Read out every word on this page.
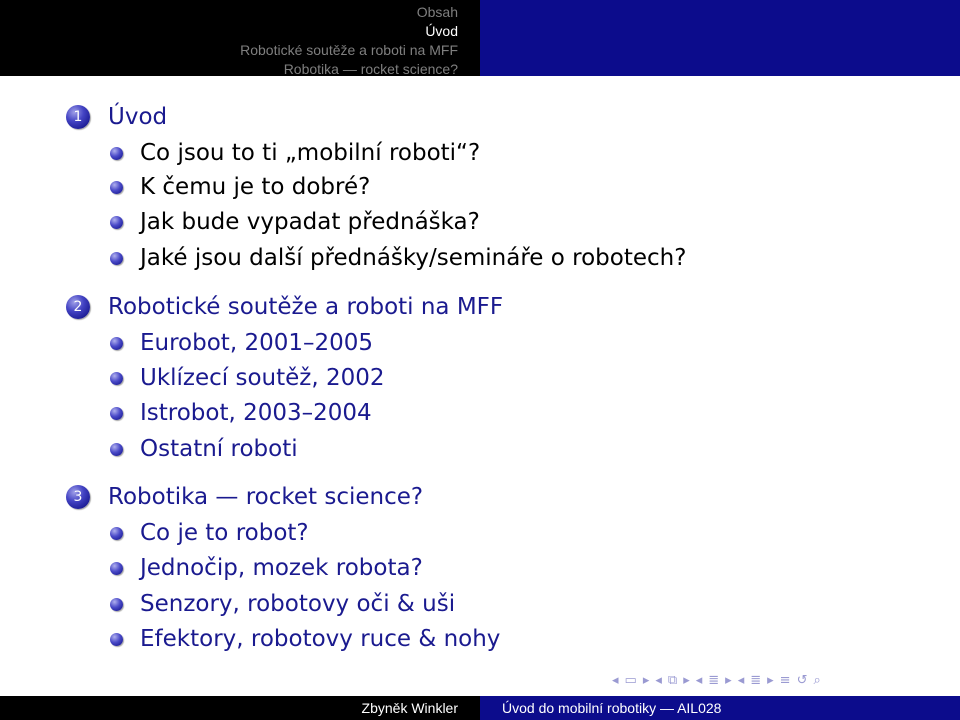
Obsah
Úvod
Robotické soutěže a roboti na MFF
Robotika — rocket science?
1	Úvod
Co jsou to ti „mobilní roboti“?
K čemu je to dobré?
Jak bude vypadat přednáška?
Jaké jsou další přednášky/semináře o robotech?
2	Robotické soutěže a roboti na MFF
Eurobot, 2001–2005
Uklízecí soutěž, 2002
Istrobot, 2003–2004
Ostatní roboti
3	Robotika — rocket science?
Co je to robot?
Jednočip, mozek robota?
Senzory, robotovy oči & uši
Efektory, robotovy ruce & nohy
◂ ▭ ▸ ◂ ⧉ ▸ ◂ ≣ ▸ ◂ ≣ ▸ ≡ ↺ ⌕
Zbyněk Winkler	Úvod do mobilní robotiky — AIL028
